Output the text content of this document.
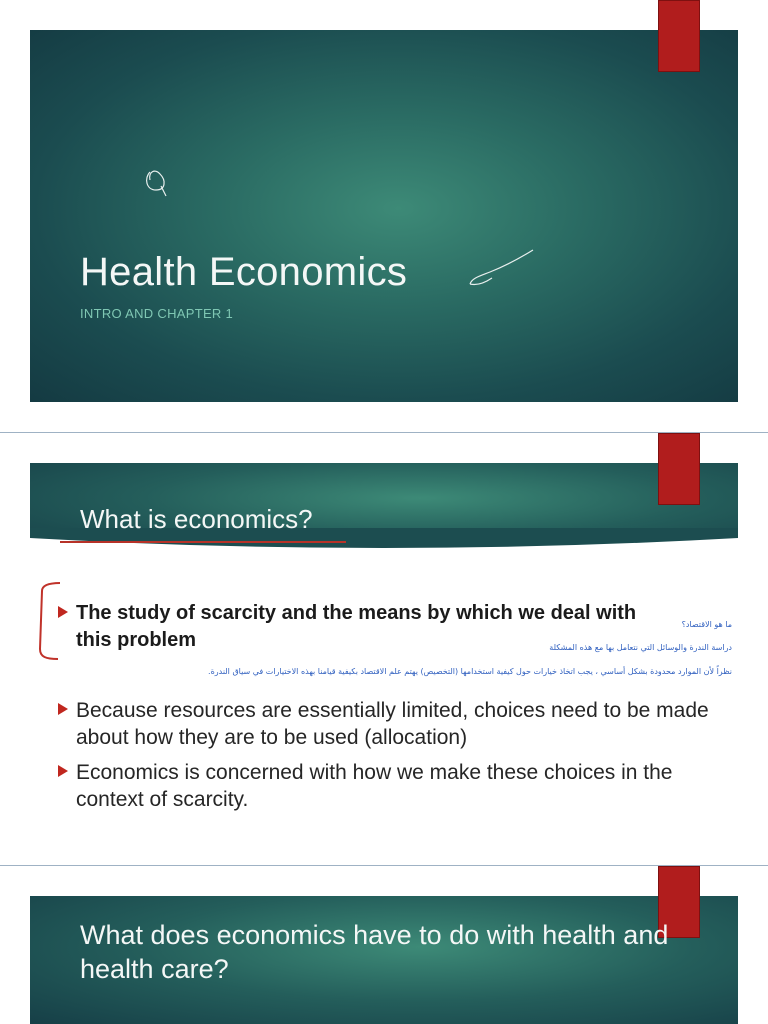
Health Economics
INTRO AND CHAPTER 1
What is economics?
The study of scarcity and the means by which we deal with this problem
ما هو الاقتصاد؟
دراسة الندرة والوسائل التي نتعامل بها مع هذه المشكلة
نظراً لأن الموارد محدودة بشكل أساسي ، يجب اتخاذ خيارات حول كيفية استخدامها (التخصيص) يهتم علم الاقتصاد بكيفية قيامنا بهذه الاختيارات في سياق الندرة.
Because resources are essentially limited, choices need to be made about how they are to be used (allocation)
Economics is concerned with how we make these choices in the context of scarcity.
What does economics have to do with health and health care?
